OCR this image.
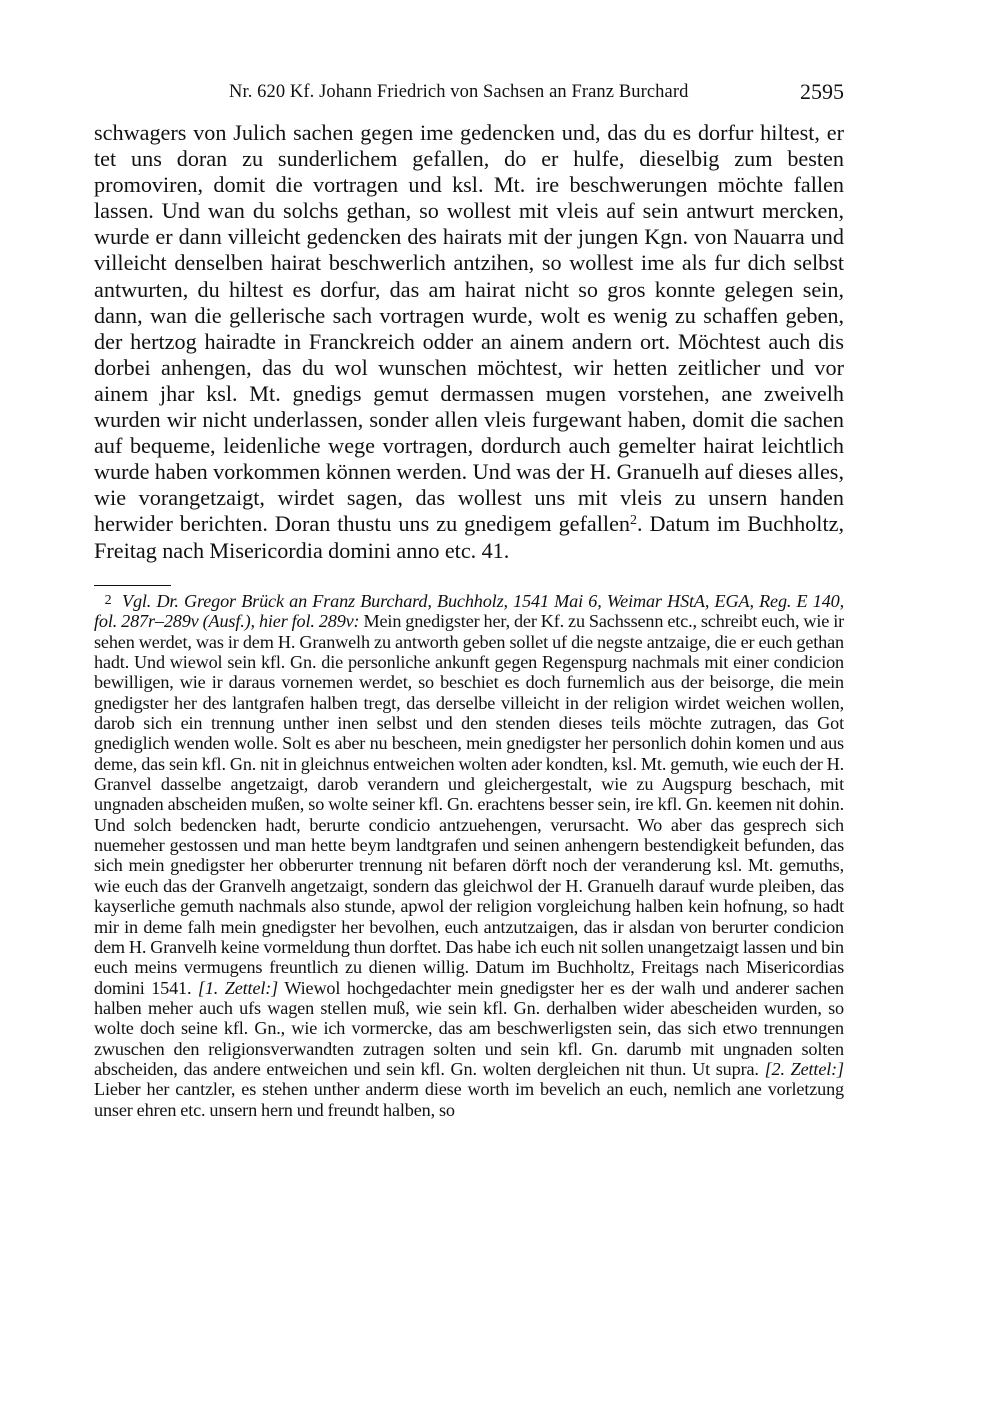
Nr. 620 Kf. Johann Friedrich von Sachsen an Franz Burchard	2595
schwagers von Julich sachen gegen ime gedencken und, das du es dorfur hiltest, er tet uns doran zu sunderlichem gefallen, do er hulfe, dieselbig zum besten promoviren, domit die vortragen und ksl. Mt. ire beschwerungen möchte fallen lassen. Und wan du solchs gethan, so wollest mit vleis auf sein antwurt mercken, wurde er dann villeicht gedencken des hairats mit der jungen Kgn. von Nauarra und villeicht denselben hairat beschwerlich antzihen, so wollest ime als fur dich selbst antwurten, du hiltest es dorfur, das am hairat nicht so gros konnte gelegen sein, dann, wan die gellerische sach vortragen wurde, wolt es wenig zu schaffen geben, der hertzog hairadte in Franckreich odder an ainem andern ort. Möchtest auch dis dorbei anhengen, das du wol wunschen möchtest, wir hetten zeitlicher und vor ainem jhar ksl. Mt. gnedigs gemut dermassen mugen vorstehen, ane zweivelh wurden wir nicht underlassen, sonder allen vleis furgewant haben, domit die sachen auf bequeme, leidenliche wege vortragen, dordurch auch gemelter hairat leichtlich wurde haben vorkommen können werden. Und was der H. Granuelh auf dieses alles, wie vorangetzaigt, wirdet sagen, das wollest uns mit vleis zu unsern handen herwider berichten. Doran thustu uns zu gnedigem gefallen$^2$. Datum im Buchholtz, Freitag nach Misericordia domini anno etc. 41.
2 Vgl. Dr. Gregor Brück an Franz Burchard, Buchholz, 1541 Mai 6, Weimar HStA, EGA, Reg. E 140, fol. 287r–289v (Ausf.), hier fol. 289v: Mein gnedigster her, der Kf. zu Sachssenn etc., schreibt euch, wie ir sehen werdet, was ir dem H. Granwelh zu antworth geben sollet uf die negste antzaige, die er euch gethan hadt. Und wiewol sein kfl. Gn. die personliche ankunft gegen Regenspurg nachmals mit einer condicion bewilligen, wie ir daraus vornemen werdet, so beschiet es doch furnemlich aus der beisorge, die mein gnedigster her des lantgrafen halben tregt, das derselbe villeicht in der religion wirdet weichen wollen, darob sich ein trennung unther inen selbst und den stenden dieses teils möchte zutragen, das Got gnediglich wenden wolle. Solt es aber nu bescheen, mein gnedigster her personlich dohin komen und aus deme, das sein kfl. Gn. nit in gleichnus entweichen wolten ader kondten, ksl. Mt. gemuth, wie euch der H. Granvel dasselbe angetzaigt, darob verandern und gleichergestalt, wie zu Augspurg beschach, mit ungnaden abscheiden mußen, so wolte seiner kfl. Gn. erachtens besser sein, ire kfl. Gn. keemen nit dohin. Und solch bedencken hadt, berurte condicio antzuehengen, verursacht. Wo aber das gesprech sich nuemeher gestossen und man hette beym landtgrafen und seinen anhengern bestendigkeit befunden, das sich mein gnedigster her obberurter trennung nit befaren dörft noch der veranderung ksl. Mt. gemuths, wie euch das der Granvelh angetzaigt, sondern das gleichwol der H. Granuelh darauf wurde pleiben, das kayserliche gemuth nachmals also stunde, apwol der religion vorgleichung halben kein hofnung, so hadt mir in deme falh mein gnedigster her bevolhen, euch antzutzaigen, das ir alsdan von berurter condicion dem H. Granvelh keine vormeldung thun dorftet. Das habe ich euch nit sollen unangetzaigt lassen und bin euch meins vermugens freuntlich zu dienen willig. Datum im Buchholtz, Freitags nach Misericordias domini 1541. [1. Zettel:] Wiewol hochgedachter mein gnedigster her es der walh und anderer sachen halben meher auch ufs wagen stellen muß, wie sein kfl. Gn. derhalben wider abescheiden wurden, so wolte doch seine kfl. Gn., wie ich vormercke, das am beschwerligsten sein, das sich etwo trennungen zwuschen den religionsverwandten zutragen solten und sein kfl. Gn. darumb mit ungnaden solten abscheiden, das andere entweichen und sein kfl. Gn. wolten dergleichen nit thun. Ut supra. [2. Zettel:] Lieber her cantzler, es stehen unther anderm diese worth im bevelich an euch, nemlich ane vorletzung unser ehren etc. unsern hern und freundt halben, so
